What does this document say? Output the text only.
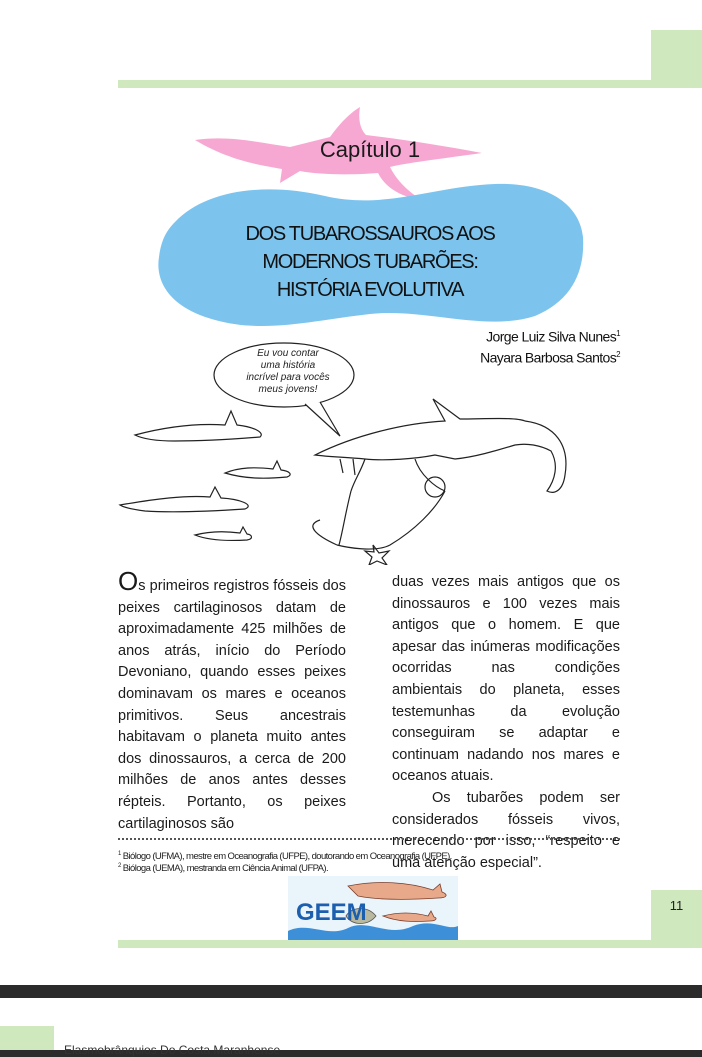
Capítulo 1
DOS TUBAROSSAUROS AOS
MODERNOS TUBARÕES:
HISTÓRIA EVOLUTIVA
Jorge Luiz Silva Nunes$^1$
Nayara Barbosa Santos$^2$
Eu vou contar
uma história
incrível para vocês
meus jovens!

Os primeiros registros fósseis dos peixes cartilaginosos datam de aproximadamente 425 milhões de anos atrás, início do Período Devoniano, quando esses peixes dominavam os mares e oceanos primitivos. Seus ancestrais habitavam o planeta muito antes dos dinossauros, a cerca de 200 milhões de anos antes desses répteis. Portanto, os peixes cartilaginosos são

duas vezes mais antigos que os dinossauros e 100 vezes mais antigos que o homem. E que apesar das inúmeras modificações ocorridas nas condições ambientais do planeta, esses testemunhas da evolução conseguiram se adaptar e continuam nadando nos mares e oceanos atuais.

Os tubarões podem ser considerados fósseis vivos, merecendo por isso, “respeito e uma atenção especial”.

$^1$ Biólogo (UFMA), mestre em Oceanografia (UFPE), doutorando em Oceanografia (UFPE).
$^2$ Bióloga (UEMA), mestranda em Ciência Animal (UFPA).
GEEM	11
Elasmobrânquios Do Costa Maranhense
